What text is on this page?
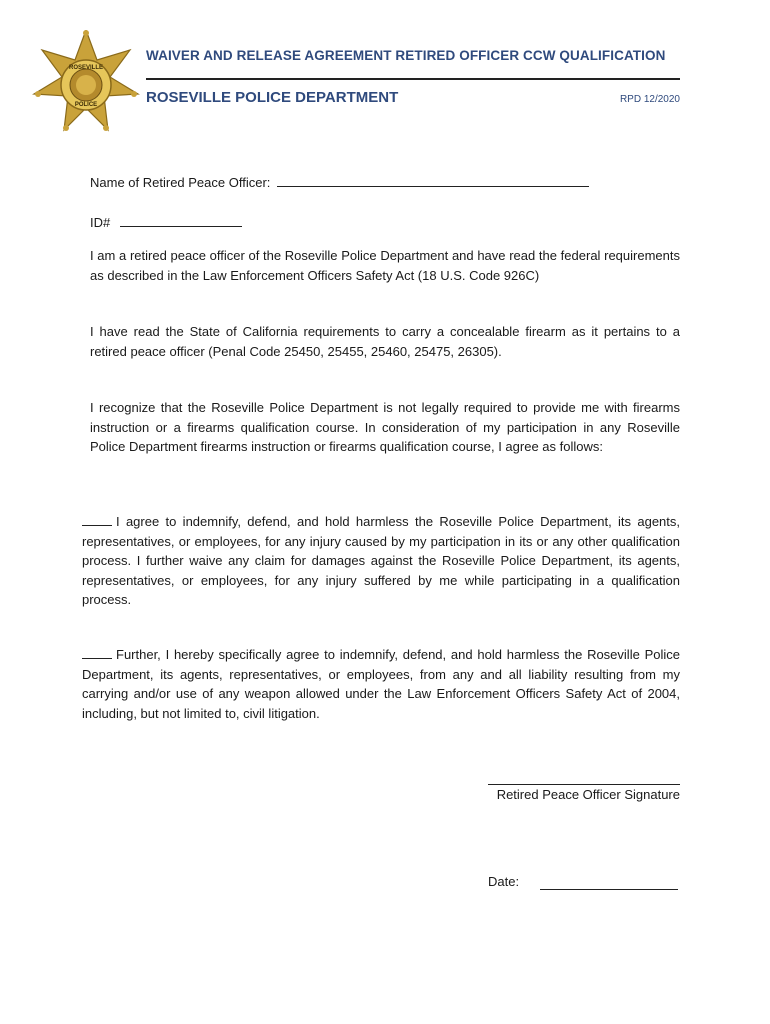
ROSEVILLE
POLICE
WAIVER AND RELEASE AGREEMENT RETIRED OFFICER CCW QUALIFICATION
ROSEVILLE POLICE DEPARTMENT	RPD 12/2020
Name of Retired Peace Officer:
ID#

I am a retired peace officer of the Roseville Police Department and have read the federal requirements as described in the Law Enforcement Officers Safety Act (18 U.S. Code 926C)

I have read the State of California requirements to carry a concealable firearm as it pertains to a retired peace officer (Penal Code 25450, 25455, 25460, 25475, 26305).

I recognize that the Roseville Police Department is not legally required to provide me with firearms instruction or a firearms qualification course. In consideration of my participation in any Roseville Police Department firearms instruction or firearms qualification course, I agree as follows:

I agree to indemnify, defend, and hold harmless the Roseville Police Department, its agents, representatives, or employees, for any injury caused by my participation in its or any other qualification process. I further waive any claim for damages against the Roseville Police Department, its agents, representatives, or employees, for any injury suffered by me while participating in a qualification process.

Further, I hereby specifically agree to indemnify, defend, and hold harmless the Roseville Police Department, its agents, representatives, or employees, from any and all liability resulting from my carrying and/or use of any weapon allowed under the Law Enforcement Officers Safety Act of 2004, including, but not limited to, civil litigation.

Retired Peace Officer Signature
Date:
